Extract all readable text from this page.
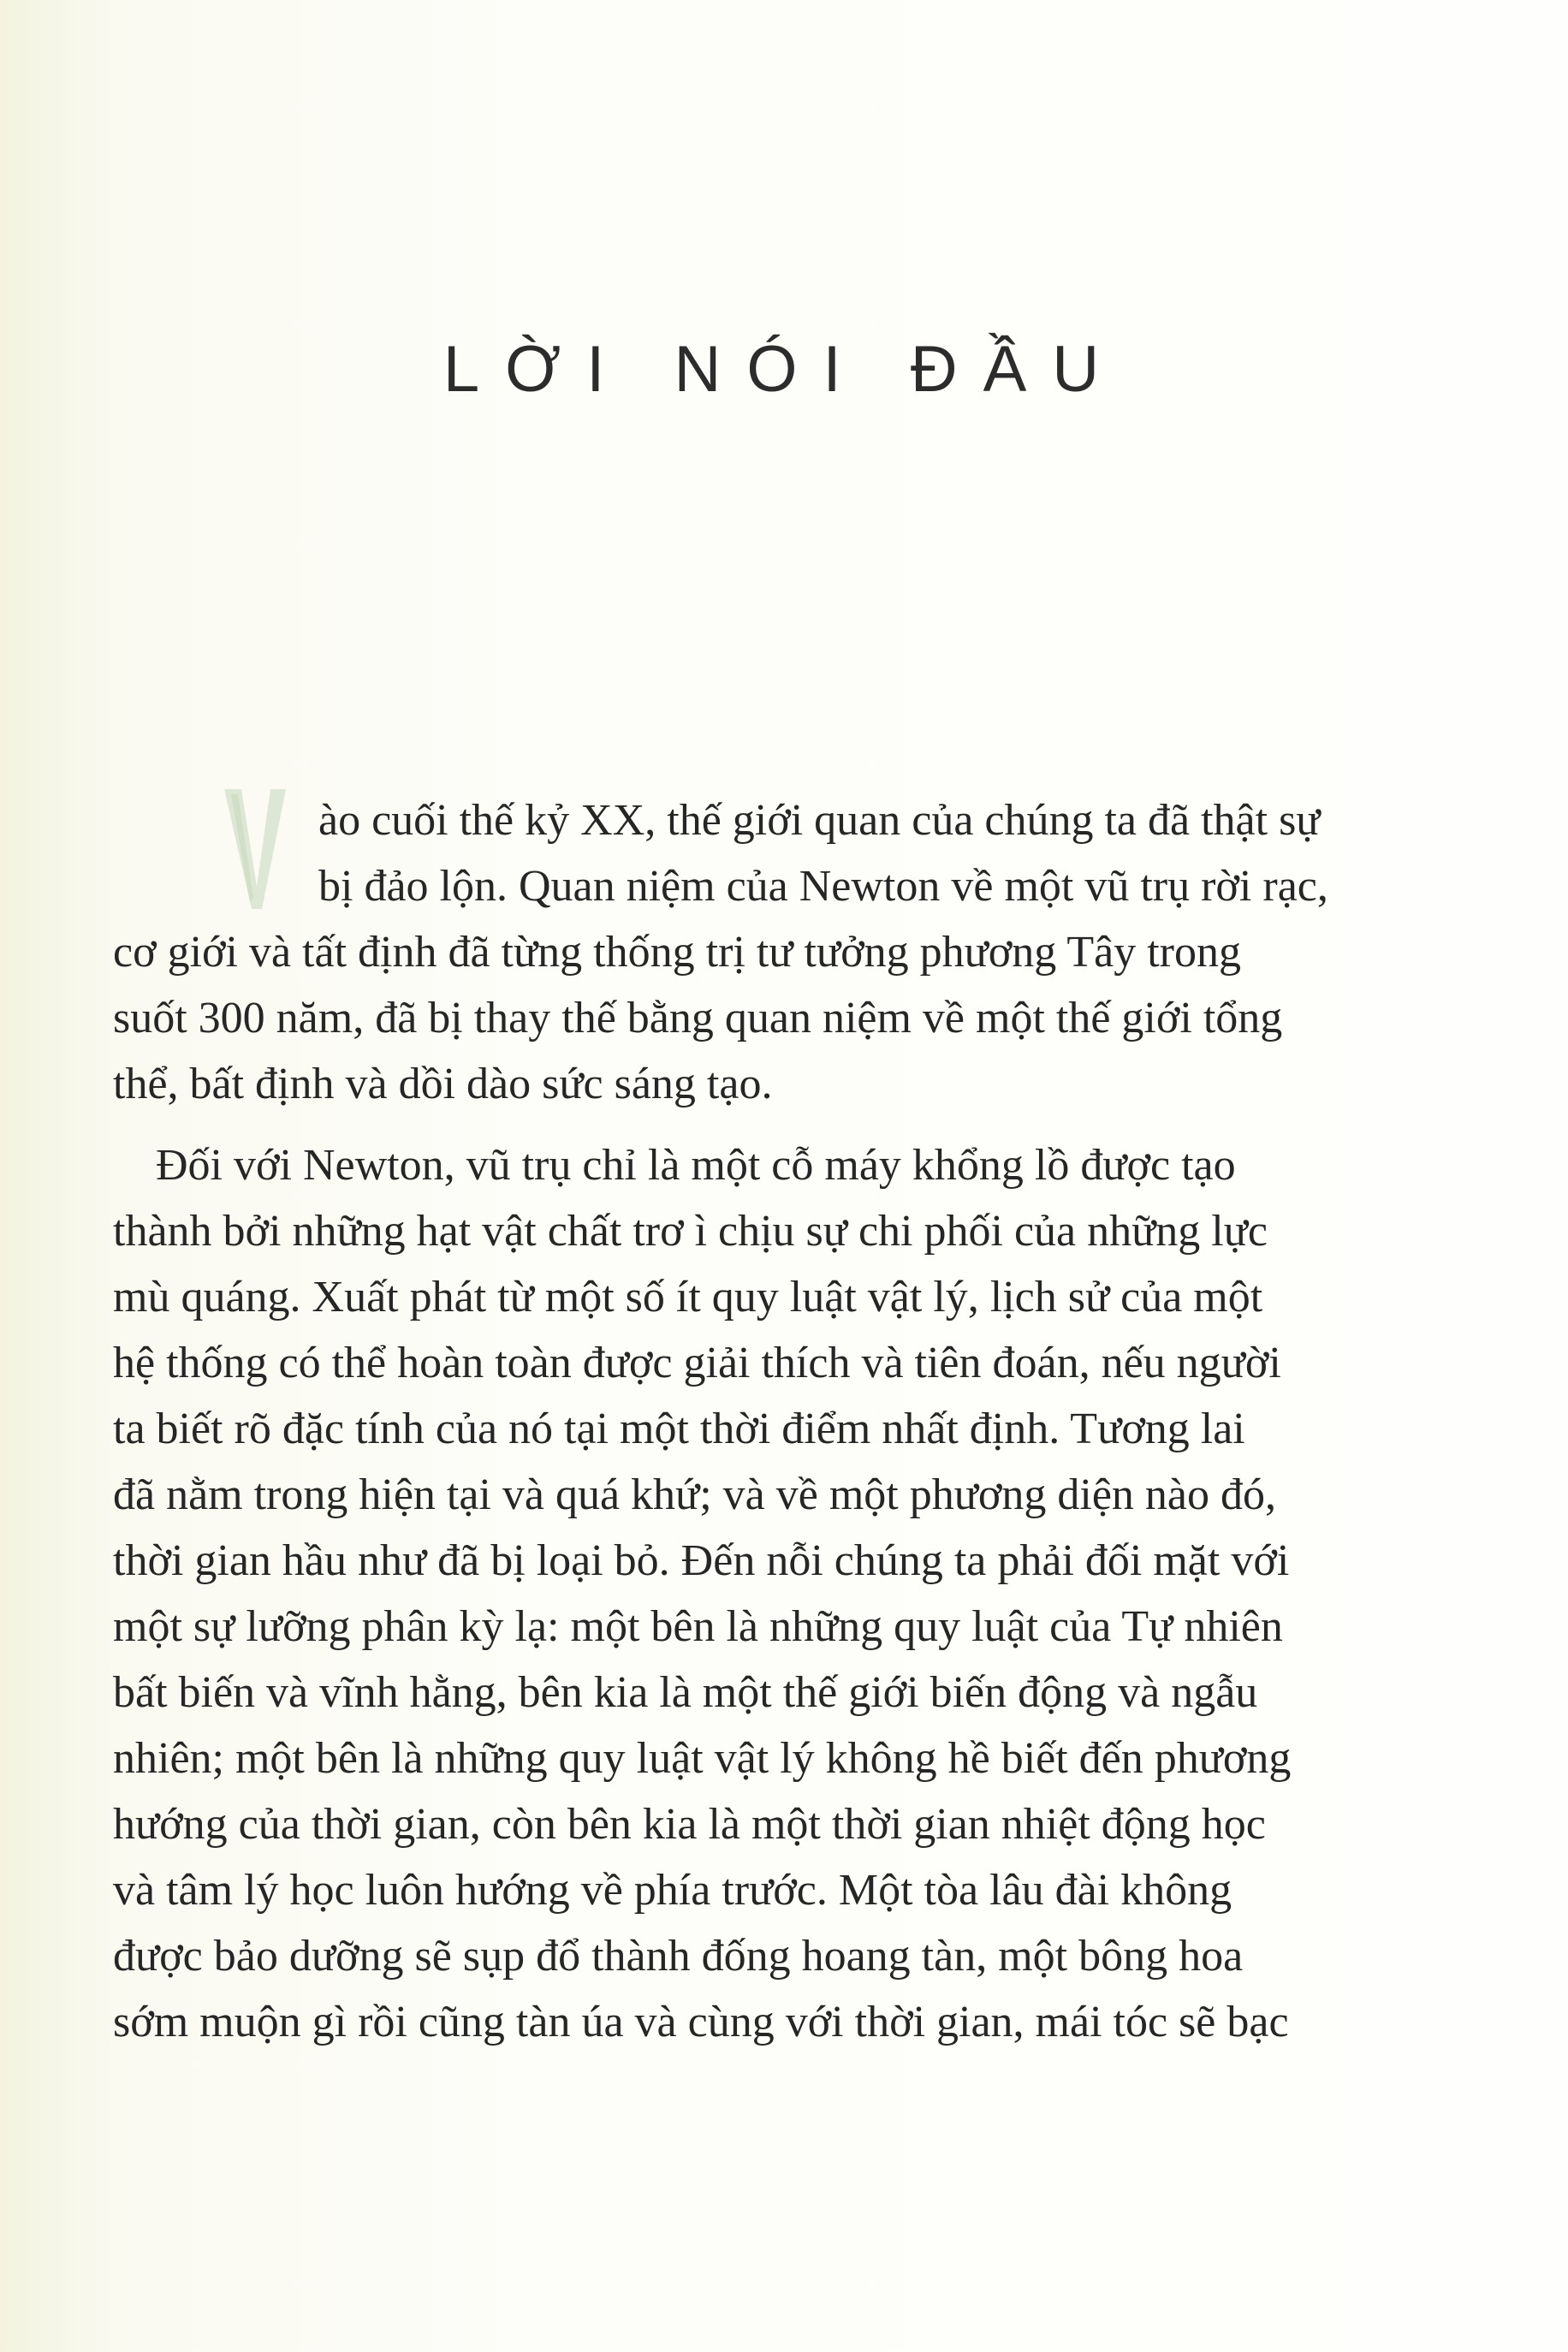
LỜI NÓI ĐẦU
ào cuối thế kỷ XX, thế giới quan của chúng ta đã thật sự
bị đảo lộn. Quan niệm của Newton về một vũ trụ rời rạc,
cơ giới và tất định đã từng thống trị tư tưởng phương Tây trong
suốt 300 năm, đã bị thay thế bằng quan niệm về một thế giới tổng
thể, bất định và dồi dào sức sáng tạo.
Đối với Newton, vũ trụ chỉ là một cỗ máy khổng lồ được tạo
thành bởi những hạt vật chất trơ ì chịu sự chi phối của những lực
mù quáng. Xuất phát từ một số ít quy luật vật lý, lịch sử của một
hệ thống có thể hoàn toàn được giải thích và tiên đoán, nếu người
ta biết rõ đặc tính của nó tại một thời điểm nhất định. Tương lai
đã nằm trong hiện tại và quá khứ; và về một phương diện nào đó,
thời gian hầu như đã bị loại bỏ. Đến nỗi chúng ta phải đối mặt với
một sự lưỡng phân kỳ lạ: một bên là những quy luật của Tự nhiên
bất biến và vĩnh hằng, bên kia là một thế giới biến động và ngẫu
nhiên; một bên là những quy luật vật lý không hề biết đến phương
hướng của thời gian, còn bên kia là một thời gian nhiệt động học
và tâm lý học luôn hướng về phía trước. Một tòa lâu đài không
được bảo dưỡng sẽ sụp đổ thành đống hoang tàn, một bông hoa
sớm muộn gì rồi cũng tàn úa và cùng với thời gian, mái tóc sẽ bạc
